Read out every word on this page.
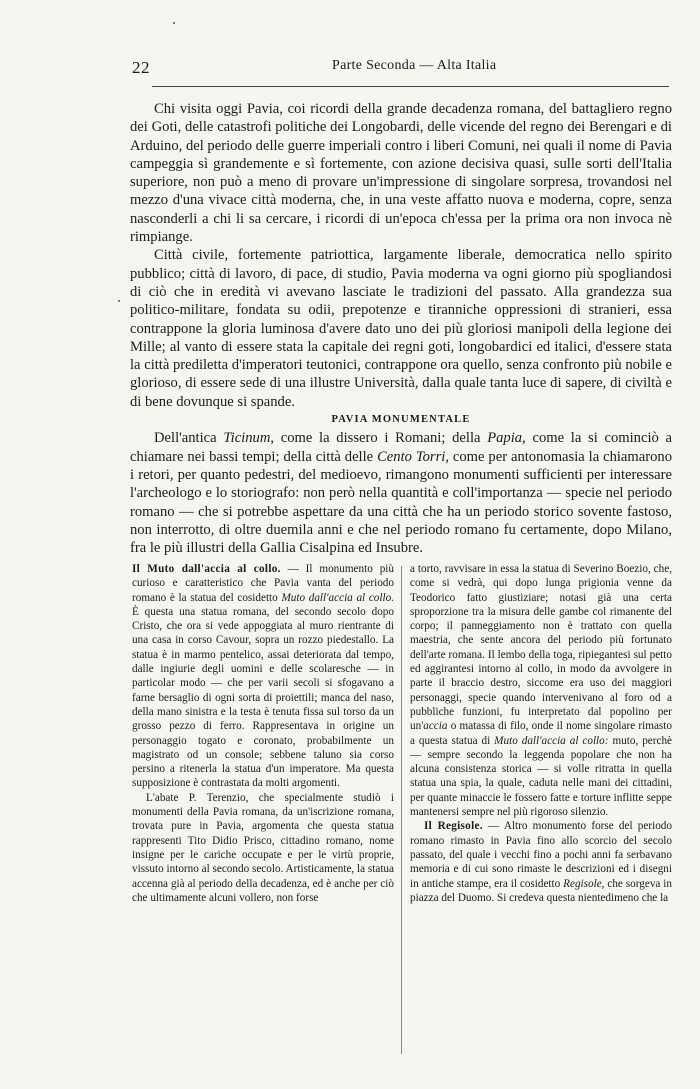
22	Parte Seconda — Alta Italia

Chi visita oggi Pavia, coi ricordi della grande decadenza romana, del battagliero regno dei Goti, delle catastrofi politiche dei Longobardi, delle vicende del regno dei Berengari e di Arduino, del periodo delle guerre imperiali contro i liberi Comuni, nei quali il nome di Pavia campeggia sì grandemente e sì fortemente, con azione decisiva quasi, sulle sorti dell'Italia superiore, non può a meno di provare un'impressione di singolare sorpresa, trovandosi nel mezzo d'una vivace città moderna, che, in una veste affatto nuova e moderna, copre, senza nasconderli a chi li sa cercare, i ricordi di un'epoca ch'essa per la prima ora non invoca nè rimpiange.

Città civile, fortemente patriottica, largamente liberale, democratica nello spirito pubblico; città di lavoro, di pace, di studio, Pavia moderna va ogni giorno più spogliandosi di ciò che in eredità vi avevano lasciate le tradizioni del passato. Alla grandezza sua politico-militare, fondata su odii, prepotenze e tiranniche oppressioni di stranieri, essa contrappone la gloria luminosa d'avere dato uno dei più gloriosi manipoli della legione dei Mille; al vanto di essere stata la capitale dei regni goti, longobardici ed italici, d'essere stata la città prediletta d'imperatori teutonici, contrappone ora quello, senza confronto più nobile e glorioso, di essere sede di una illustre Università, dalla quale tanta luce di sapere, di civiltà e di bene dovunque si spande.

PAVIA MONUMENTALE

Dell'antica Ticinum, come la dissero i Romani; della Papia, come la si cominciò a chiamare nei bassi tempi; della città delle Cento Torri, come per antonomasia la chiamarono i retori, per quanto pedestri, del medioevo, rimangono monumenti sufficienti per interessare l'archeologo e lo storiografo: non però nella quantità e coll'importanza — specie nel periodo romano — che si potrebbe aspettare da una città che ha un periodo storico sovente fastoso, non interrotto, di oltre duemila anni e che nel periodo romano fu certamente, dopo Milano, fra le più illustri della Gallia Cisalpina ed Insubre.

Il Muto dall'accia al collo. — Il monumento più curioso e caratteristico che Pavia vanta del periodo romano è la statua del cosidetto Muto dall'accia al collo. È questa una statua romana, del secondo secolo dopo Cristo, che ora si vede appoggiata al muro rientrante di una casa in corso Cavour, sopra un rozzo piedestallo. La statua è in marmo pentelico, assai deteriorata dal tempo, dalle ingiurie degli uomini e delle scolaresche — in particolar modo — che per varii secoli si sfogavano a farne bersaglio di ogni sorta di proiettili; manca del naso, della mano sinistra e la testa è tenuta fissa sul torso da un grosso pezzo di ferro. Rappresentava in origine un personaggio togato e coronato, probabilmente un magistrato od un console; sebbene taluno sia corso persino a ritenerla la statua d'un imperatore. Ma questa supposizione è contrastata da molti argomenti.

L'abate P. Terenzio, che specialmente studiò i monumenti della Pavia romana, da un'iscrizione romana, trovata pure in Pavia, argomenta che questa statua rappresenti Tito Didio Prisco, cittadino romano, nome insigne per le cariche occupate e per le virtù proprie, vissuto intorno al secondo secolo. Artisticamente, la statua accenna già al periodo della decadenza, ed è anche per ciò che ultimamente alcuni vollero, non forse

a torto, ravvisare in essa la statua di Severino Boezio, che, come si vedrà, qui dopo lunga prigionia venne da Teodorico fatto giustiziare; notasi già una certa sproporzione tra la misura delle gambe col rimanente del corpo; il panneggiamento non è trattato con quella maestria, che sente ancora del periodo più fortunato dell'arte romana. Il lembo della toga, ripiegantesi sul petto ed aggirantesi intorno al collo, in modo da avvolgere in parte il braccio destro, siccome era uso dei maggiori personaggi, specie quando intervenivano al foro od a pubbliche funzioni, fu interpretato dal popolino per un'accia o matassa di filo, onde il nome singolare rimasto a questa statua di Muto dall'accia al collo: muto, perchè — sempre secondo la leggenda popolare che non ha alcuna consistenza storica — si volle ritratta in quella statua una spia, la quale, caduta nelle mani dei cittadini, per quante minaccie le fossero fatte e torture inflitte seppe mantenersi sempre nel più rigoroso silenzio.

Il Regisole. — Altro monumento forse del periodo romano rimasto in Pavia fino allo scorcio del secolo passato, del quale i vecchi fino a pochi anni fa serbavano memoria e di cui sono rimaste le descrizioni ed i disegni in antiche stampe, era il cosidetto Regisole, che sorgeva in piazza del Duomo. Si credeva questa nientedimeno che la
